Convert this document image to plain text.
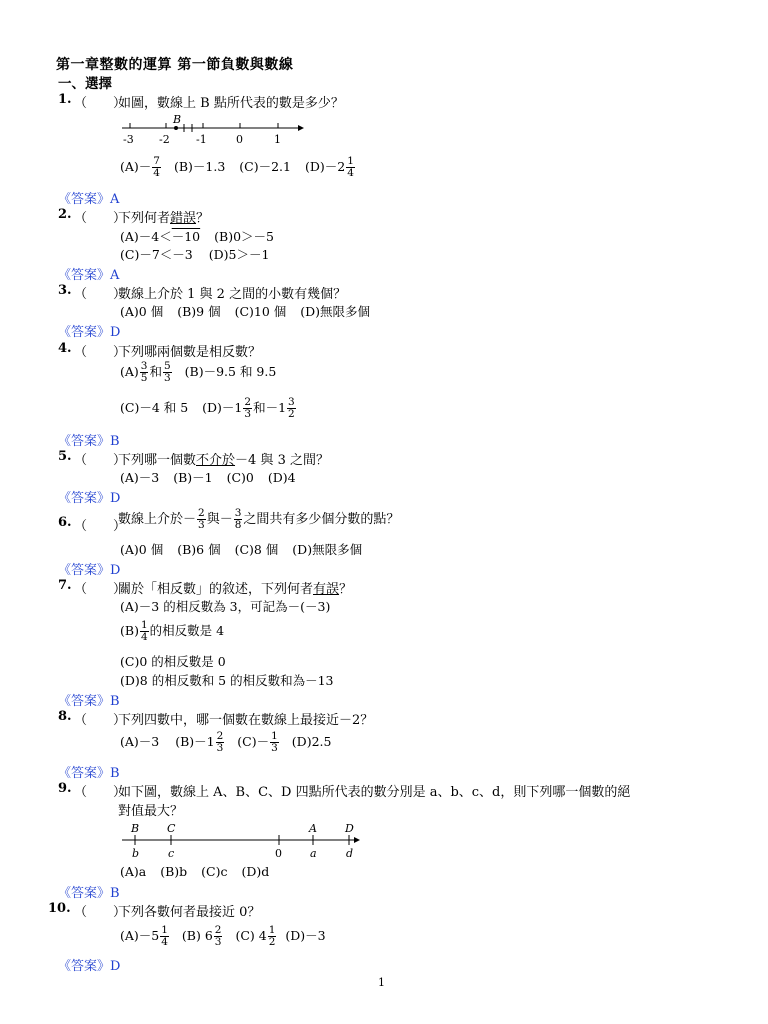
第一章整數的運算 第一節負數與數線
一、選擇
1. （　　）
如圖，數線上 B 點所代表的數是多少？
B
-3 -2 -1	0	1
$(A)- \frac{7}{4} (B)-1.3$ (C)－2.1 $(D)-2 \frac{1}{4}$
《答案》A
2. （　　）
下列何者錯誤？
(A)－4＜－10 (B)0＞－5
(C)－7＜－3 (D)5＞－1
《答案》A
3. （　　）
數線上介於 1 與 2 之間的小數有幾個？
(A)0 個 (B)9 個 (C)10 個 (D)無限多個
《答案》D
4. （　　）
下列哪兩個數是相反數？
$(A) \frac{3}{5}$ 和 $\frac{5}{3} (B)-9.5$ 和 9.5
(C)－4 和 5 $(D)-1 \frac{2}{3}$ 和$-1 \frac{3}{2}$
《答案》B
5. （　　）
下列哪一個數不介於－4 與 3 之間？
(A)－3 (B)－1 (C)0 (D)4
《答案》D
6. （　　）
數線上介於－ $\frac{2}{3}$ 與－ $\frac{3}{8}$ 之間共有多少個分數的點？
(A)0 個 (B)6 個 (C)8 個 (D)無限多個
《答案》D
7. （　　）
關於「相反數」的敘述，下列何者有誤？
(A)－3 的相反數為 3，可記為－(－3)
$(B) \frac{1}{4}$ 的相反數是 4
(C)0 的相反數是 0
(D)8 的相反數和 5 的相反數和為－13
《答案》B
8. （　　）
下列四數中，哪一個數在數線上最接近－2？
(A)－3 $(B)-1 \frac{2}{3} (C)- \frac{1}{3} (D)2.5$
《答案》B
9. （　　）
如下圖，數線上 A、B、C、D 四點所代表的數分別是 a、b、c、d，則下列哪一個數的絕
對值最大？
B	C	A	D
b	c	0	a	d
(A)a (B)b (C)c (D)d
《答案》B
10. （　　）
下列各數何者最接近 0？
$(A)-5 \frac{1}{4} (B)$ $6 \frac{2}{3} (C)$ $4 \frac{1}{2} (D)-3$
《答案》D
1
